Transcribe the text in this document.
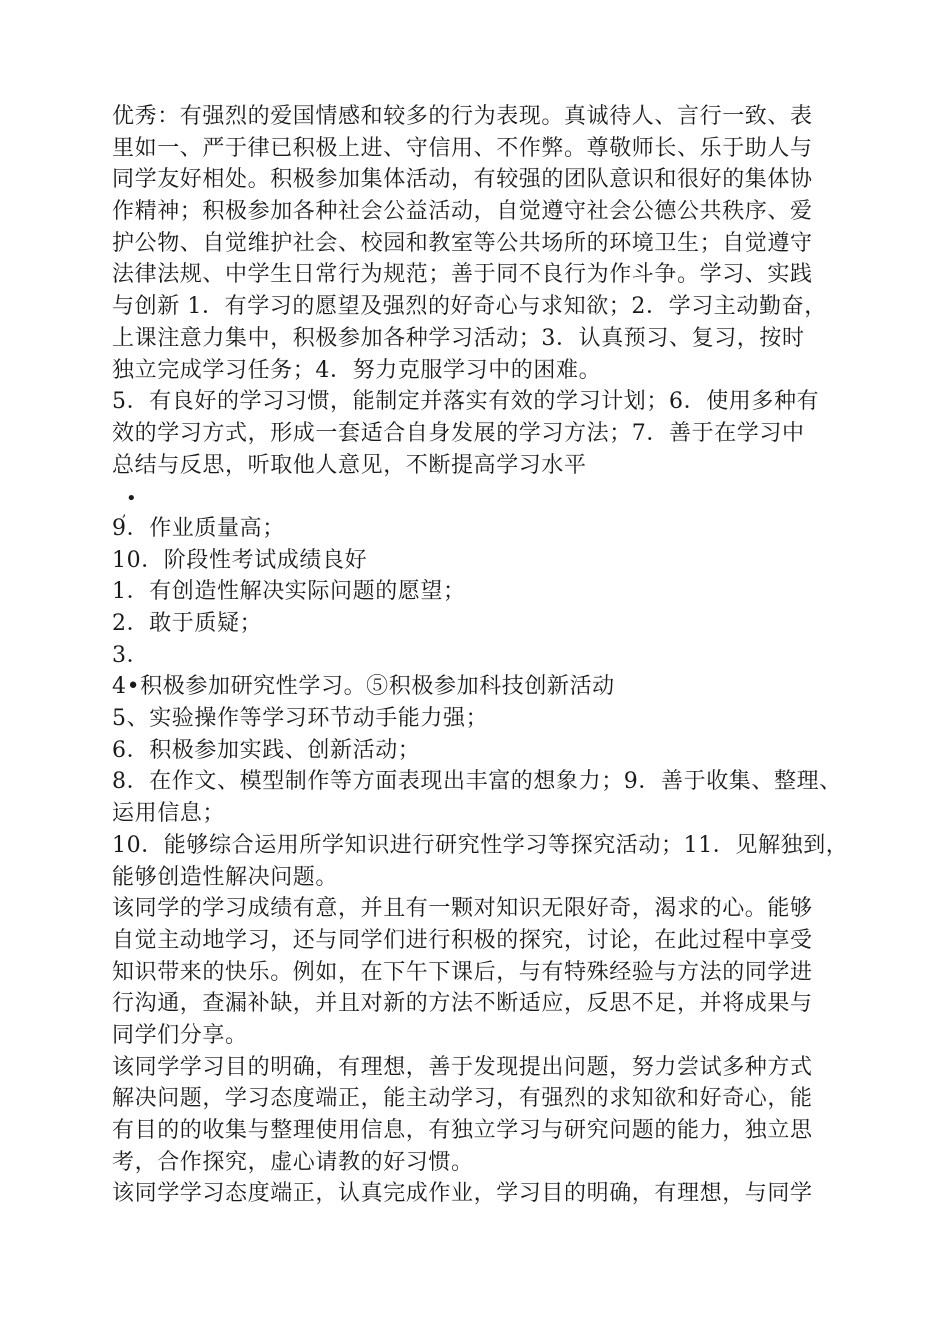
优秀：有强烈的爱国情感和较多的行为表现。真诚待人、言行一致、表
里如一、严于律已积极上进、守信用、不作弊。尊敬师长、乐于助人与
同学友好相处。积极参加集体活动，有较强的团队意识和很好的集体协
作精神；积极参加各种社会公益活动，自觉遵守社会公德公共秩序、爱
护公物、自觉维护社会、校园和教室等公共场所的环境卫生；自觉遵守
法律法规、中学生日常行为规范；善于同不良行为作斗争。学习、实践
与创新 1．有学习的愿望及强烈的好奇心与求知欲；2．学习主动勤奋，
上课注意力集中，积极参加各种学习活动；3．认真预习、复习，按时
独立完成学习任务；4．努力克服学习中的困难。
5．有良好的学习习惯，能制定并落实有效的学习计划；6．使用多种有
效的学习方式，形成一套适合自身发展的学习方法；7．善于在学习中
总结与反思，听取他人意见，不断提高学习水平
•
,
9．作业质量高；
10．阶段性考试成绩良好
1．有创造性解决实际问题的愿望；
2．敢于质疑；
3．
4•积极参加研究性学习。⑤积极参加科技创新活动
5、实验操作等学习环节动手能力强；
6．积极参加实践、创新活动；
8．在作文、模型制作等方面表现出丰富的想象力；9．善于收集、整理、
运用信息；
10．能够综合运用所学知识进行研究性学习等探究活动；11．见解独到，
能够创造性解决问题。
该同学的学习成绩有意，并且有一颗对知识无限好奇，渴求的心。能够
自觉主动地学习，还与同学们进行积极的探究，讨论，在此过程中享受
知识带来的快乐。例如，在下午下课后，与有特殊经验与方法的同学进
行沟通，查漏补缺，并且对新的方法不断适应，反思不足，并将成果与
同学们分享。
该同学学习目的明确，有理想，善于发现提出问题，努力尝试多种方式
解决问题，学习态度端正，能主动学习，有强烈的求知欲和好奇心，能
有目的的收集与整理使用信息，有独立学习与研究问题的能力，独立思
考，合作探究，虚心请教的好习惯。
该同学学习态度端正，认真完成作业，学习目的明确，有理想，与同学
